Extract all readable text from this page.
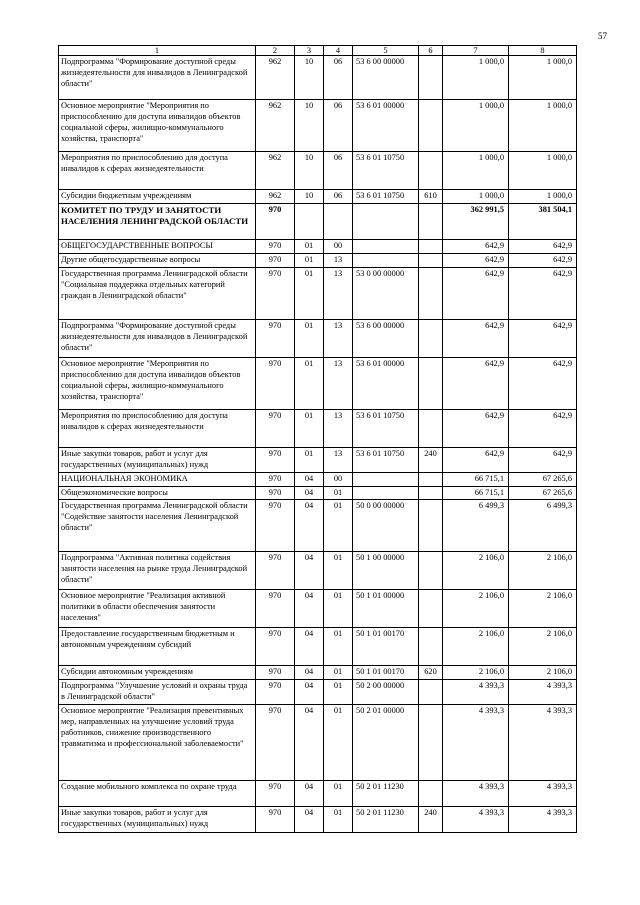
57
1	2	3	4	5	6	7	8
Подпрограмма "Формирование доступной среды жизнедеятельности для инвалидов в Ленинградской области"	962	10	06	53 6 00 00000		1 000,0	1 000,0
Основное мероприятие "Мероприятия по приспособлению для доступа инвалидов объектов социальной сферы, жилищно-коммунального хозяйства, транспорта"	962	10	06	53 6 01 00000		1 000,0	1 000,0
Мероприятия по приспособлению для доступа инвалидов к сферах жизнедеятельности	962	10	06	53 6 01 10750		1 000,0	1 000,0
Субсидии бюджетным учреждениям	962	10	06	53 6 01 10750	610	1 000,0	1 000,0
КОМИТЕТ ПО ТРУДУ И ЗАНЯТОСТИ НАСЕЛЕНИЯ ЛЕНИНГРАДСКОЙ ОБЛАСТИ	970					362 991,5	381 504,1
ОБЩЕГОСУДАРСТВЕННЫЕ ВОПРОСЫ	970	01	00			642,9	642,9
Другие общегосударственные вопросы	970	01	13			642,9	642,9
Государственная программа Ленинградской области "Социальная поддержка отдельных категорий граждан в Ленинградской области"	970	01	13	53 0 00 00000		642,9	642,9
Подпрограмма "Формирование доступной среды жизнедеятельности для инвалидов в Ленинградской области"	970	01	13	53 6 00 00000		642,9	642,9
Основное мероприятие "Мероприятия по приспособлению для доступа инвалидов объектов социальной сферы, жилищно-коммунального хозяйства, транспорта"	970	01	13	53 6 01 00000		642,9	642,9
Мероприятия по приспособлению для доступа инвалидов к сферах жизнедеятельности	970	01	13	53 6 01 10750		642,9	642,9
Иные закупки товаров, работ и услуг для государственных (муниципальных) нужд	970	01	13	53 6 01 10750	240	642,9	642,9
НАЦИОНАЛЬНАЯ ЭКОНОМИКА	970	04	00			66 715,1	67 265,6
Общеэкономические вопросы	970	04	01			66 715,1	67 265,6
Государственная программа Ленинградской области "Содействие занятости населения Ленинградской области"	970	04	01	50 0 00 00000		6 499,3	6 499,3
Подпрограмма "Активная политика содействия занятости населения на рынке труда Ленинградской области"	970	04	01	50 1 00 00000		2 106,0	2 106,0
Основное мероприятие "Реализация активной политики в области обеспечения занятости населения"	970	04	01	50 1 01 00000		2 106,0	2 106,0
Предоставление государственным бюджетным и автономным учреждениям субсидий	970	04	01	50 1 01 00170		2 106,0	2 106,0
Субсидии автономным учреждениям	970	04	01	50 1 01 00170	620	2 106,0	2 106,0
Подпрограмма "Улучшение условий и охраны труда в Ленинградской области"	970	04	01	50 2 00 00000		4 393,3	4 393,3
Основное мероприятие "Реализация превентивных мер, направленных на улучшение условий труда работников, снижение производственного травматизма и профессиональной заболеваемости"	970	04	01	50 2 01 00000		4 393,3	4 393,3
Создание мобильного комплекса по охране труда	970	04	01	50 2 01 11230		4 393,3	4 393,3
Иные закупки товаров, работ и услуг для государственных (муниципальных) нужд	970	04	01	50 2 01 11230	240	4 393,3	4 393,3
